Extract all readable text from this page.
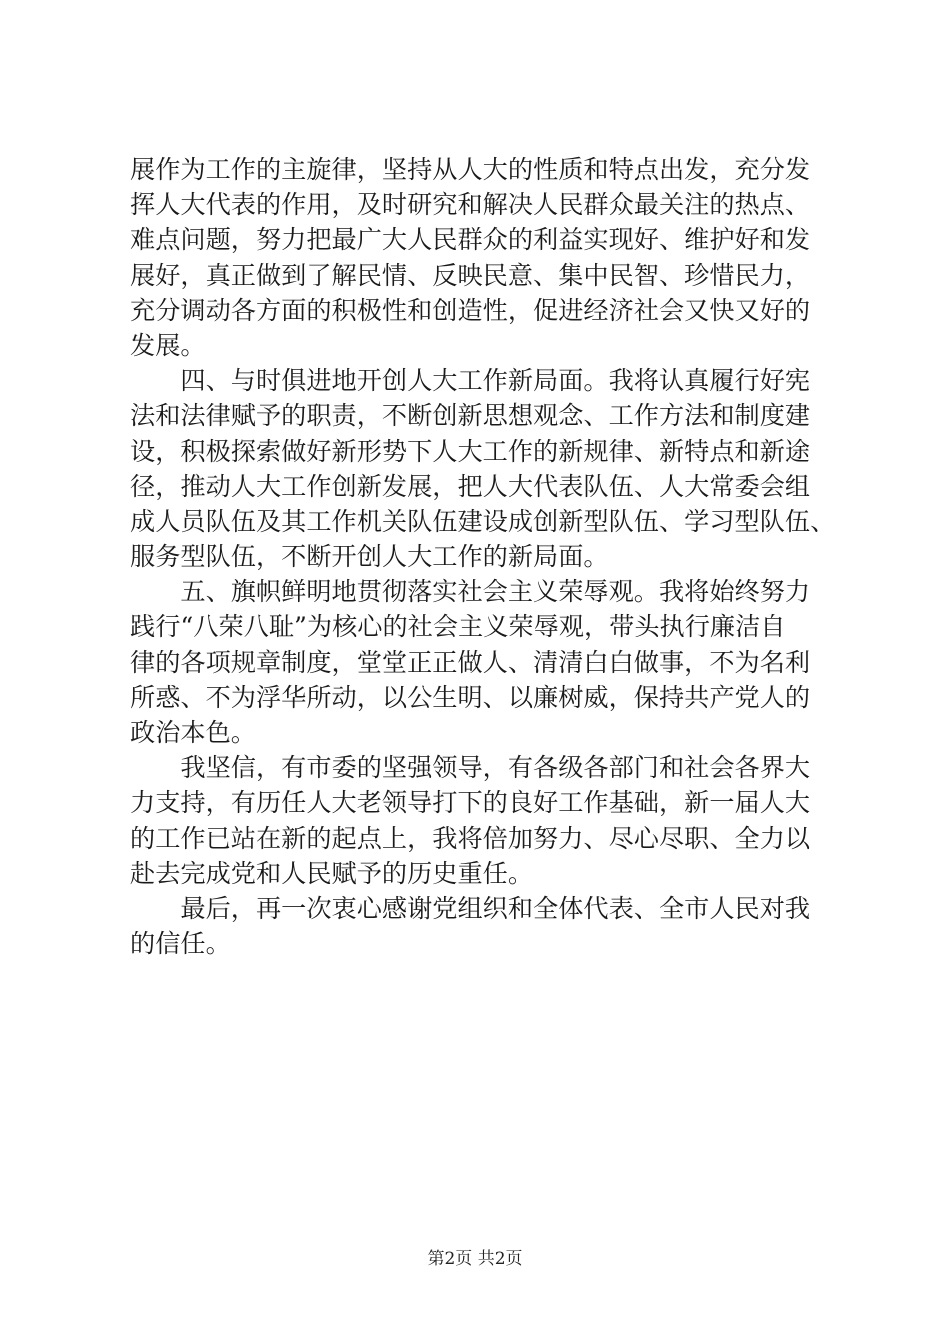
展作为工作的主旋律，坚持从人大的性质和特点出发，充分发
挥人大代表的作用，及时研究和解决人民群众最关注的热点、
难点问题，努力把最广大人民群众的利益实现好、维护好和发
展好，真正做到了解民情、反映民意、集中民智、珍惜民力，
充分调动各方面的积极性和创造性，促进经济社会又快又好的
发展。
　　四、与时俱进地开创人大工作新局面。我将认真履行好宪
法和法律赋予的职责，不断创新思想观念、工作方法和制度建
设，积极探索做好新形势下人大工作的新规律、新特点和新途
径，推动人大工作创新发展，把人大代表队伍、人大常委会组
成人员队伍及其工作机关队伍建设成创新型队伍、学习型队伍、
服务型队伍，不断开创人大工作的新局面。
　　五、旗帜鲜明地贯彻落实社会主义荣辱观。我将始终努力
践行“八荣八耻”为核心的社会主义荣辱观，带头执行廉洁自
律的各项规章制度，堂堂正正做人、清清白白做事，不为名利
所惑、不为浮华所动，以公生明、以廉树威，保持共产党人的
政治本色。
　　我坚信，有市委的坚强领导，有各级各部门和社会各界大
力支持，有历任人大老领导打下的良好工作基础，新一届人大
的工作已站在新的起点上，我将倍加努力、尽心尽职、全力以
赴去完成党和人民赋予的历史重任。
　　最后，再一次衷心感谢党组织和全体代表、全市人民对我
的信任。
第2页 共2页
